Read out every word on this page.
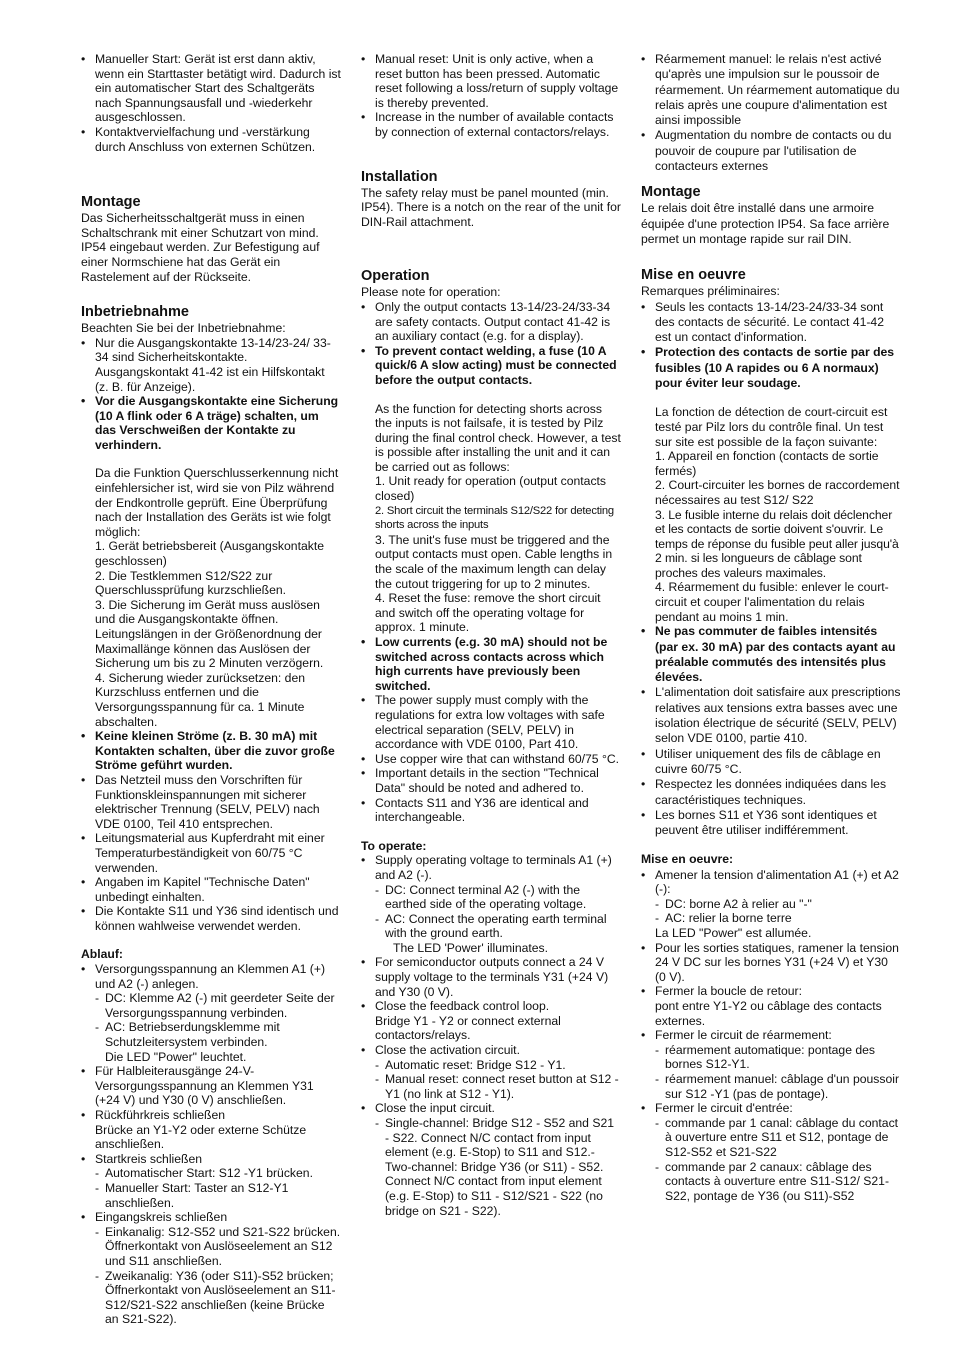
• Manueller Start: Gerät ist erst dann aktiv, wenn ein Starttaster betätigt wird. Dadurch ist ein automatischer Start des Schaltgeräts nach Spannungsausfall und -wiederkehr ausgeschlossen.
• Kontaktvervielfachung und -verstärkung durch Anschluss von externen Schützen.
Montage

Das Sicherheitsschaltgerät muss in einen Schaltschrank mit einer Schutzart von mind. IP54 eingebaut werden. Zur Befestigung auf einer Normschiene hat das Gerät ein Rastelement auf der Rückseite.

Inbetriebnahme

Beachten Sie bei der Inbetriebnahme:

• Nur die Ausgangskontakte 13-14/23-24/ 33-34 sind Sicherheitskontakte. Ausgangskontakt 41-42 ist ein Hilfskontakt (z. B. für Anzeige).
• Vor die Ausgangskontakte eine Sicherung (10 A flink oder 6 A träge) schalten, um das Verschweißen der Kontakte zu verhindern.

Da die Funktion Querschlusserkennung nicht einfehlersicher ist, wird sie von Pilz während der Endkontrolle geprüft. Eine Überprüfung nach der Installation des Geräts ist wie folgt möglich:

1. Gerät betriebsbereit (Ausgangskontakte geschlossen)

2. Die Testklemmen S12/S22 zur Querschlussprüfung kurzschließen.

3. Die Sicherung im Gerät muss auslösen und die Ausgangskontakte öffnen. Leitungslängen in der Größenordnung der Maximallänge können das Auslösen der Sicherung um bis zu 2 Minuten verzögern.

4. Sicherung wieder zurücksetzen: den Kurzschluss entfernen und die Versorgungsspannung für ca. 1 Minute abschalten.

• Keine kleinen Ströme (z. B. 30 mA) mit Kontakten schalten, über die zuvor große Ströme geführt wurden.
• Das Netzteil muss den Vorschriften für Funktionskleinspannungen mit sicherer elektrischer Trennung (SELV, PELV) nach VDE 0100, Teil 410 entsprechen.
• Leitungsmaterial aus Kupferdraht mit einer Temperaturbeständigkeit von 60/75 °C verwenden.
• Angaben im Kapitel "Technische Daten" unbedingt einhalten.
• Die Kontakte S11 und Y36 sind identisch und können wahlweise verwendet werden.
Ablauf:
• Versorgungsspannung an Klemmen A1 (+) und A2 (-) anlegen.
- DC: Klemme A2 (-) mit geerdeter Seite der Versorgungsspannung verbinden.
- AC: Betriebserdungsklemme mit Schutzleitersystem verbinden.
Die LED "Power" leuchtet.
• Für Halbleiterausgänge 24-V-Versorgungsspannung an Klemmen Y31 (+24 V) und Y30 (0 V) anschließen.
• Rückführkreis schließen
Brücke an Y1-Y2 oder externe Schütze anschließen.
• Startkreis schließen
- Automatischer Start: S12 -Y1 brücken.
- Manueller Start: Taster an S12-Y1 anschließen.
• Eingangskreis schließen
- Einkanalig: S12-S52 und S21-S22 brücken. Öffnerkontakt von Auslöseelement an S12 und S11 anschließen.
- Zweikanalig: Y36 (oder S11)-S52 brücken; Öffnerkontakt von Auslöseelement an S11-S12/S21-S22 anschließen (keine Brücke an S21-S22).
• Manual reset: Unit is only active, when a reset button has been pressed. Automatic reset following a loss/return of supply voltage is thereby prevented.
• Increase in the number of available contacts by connection of external contactors/relays.
Installation

The safety relay must be panel mounted (min. IP54). There is a notch on the rear of the unit for DIN-Rail attachment.

Operation

Please note for operation:

• Only the output contacts 13-14/23-24/33-34 are safety contacts. Output contact 41-42 is an auxiliary contact (e.g. for a display).
• To prevent contact welding, a fuse (10 A quick/6 A slow acting) must be connected before the output contacts.

As the function for detecting shorts across the inputs is not failsafe, it is tested by Pilz during the final control check. However, a test is possible after installing the unit and it can be carried out as follows:

1. Unit ready for operation (output contacts closed)

2. Short circuit the terminals S12/S22 for detecting shorts across the inputs

3. The unit's fuse must be triggered and the output contacts must open. Cable lengths in the scale of the maximum length can delay the cutout triggering for up to 2 minutes.

4. Reset the fuse: remove the short circuit and switch off the operating voltage for approx. 1 minute.

• Low currents (e.g. 30 mA) should not be switched across contacts across which high currents have previously been switched.
• The power supply must comply with the regulations for extra low voltages with safe electrical separation (SELV, PELV) in accordance with VDE 0100, Part 410.
• Use copper wire that can withstand 60/75 °C.
• Important details in the section "Technical Data" should be noted and adhered to.
• Contacts S11 and Y36 are identical and interchangeable.
To operate:
• Supply operating voltage to terminals A1 (+) and A2 (-).
- DC: Connect terminal A2 (-) with the earthed side of the operating voltage.
- AC: Connect the operating earth terminal with the ground earth.
The LED 'Power' illuminates.
• For semiconductor outputs connect a 24 V supply voltage to the terminals Y31 (+24 V) and Y30 (0 V).
• Close the feedback control loop.
Bridge Y1 - Y2 or connect external contactors/relays.
• Close the activation circuit.
- Automatic reset: Bridge S12 - Y1.
- Manual reset: connect reset button at S12 - Y1 (no link at S12 - Y1).
• Close the input circuit.
- Single-channel: Bridge S12 - S52 and S21 - S22. Connect N/C contact from input element (e.g. E-Stop) to S11 and S12.-Two-channel: Bridge Y36 (or S11) - S52. Connect N/C contact from input element (e.g. E-Stop) to S11 - S12/S21 - S22 (no bridge on S21 - S22).
• Réarmement manuel: le relais n'est activé qu'après une impulsion sur le poussoir de réarmement. Un réarmement automatique du relais après une coupure d'alimentation est ainsi impossible
• Augmentation du nombre de contacts ou du pouvoir de coupure par l'utilisation de contacteurs externes
Montage

Le relais doit être installé dans une armoire équipée d'une protection IP54. Sa face arrière permet un montage rapide sur rail DIN.

Mise en oeuvre

Remarques préliminaires:

• Seuls les contacts 13-14/23-24/33-34 sont des contacts de sécurité. Le contact 41-42 est un contact d'information.
• Protection des contacts de sortie par des fusibles (10 A rapides ou 6 A normaux) pour éviter leur soudage.

La fonction de détection de court-circuit est testé par Pilz lors du contrôle final. Un test sur site est possible de la façon suivante:

1. Appareil en fonction (contacts de sortie fermés)

2. Court-circuiter les bornes de raccordement nécessaires au test S12/ S22

3. Le fusible interne du relais doit déclencher et les contacts de sortie doivent s'ouvrir. Le temps de réponse du fusible peut aller jusqu'à 2 min. si les longueurs de câblage sont proches des valeurs maximales.

4. Réarmement du fusible: enlever le court-circuit et couper l'alimentation du relais pendant au moins 1 min.

• Ne pas commuter de faibles intensités (par ex. 30 mA) par des contacts ayant au préalable commutés des intensités plus élevées.
• L'alimentation doit satisfaire aux prescriptions relatives aux tensions extra basses avec une isolation électrique de sécurité (SELV, PELV) selon VDE 0100, partie 410.
• Utiliser uniquement des fils de câblage en cuivre 60/75 °C.
• Respectez les données indiquées dans les caractéristiques techniques.
• Les bornes S11 et Y36 sont identiques et peuvent être utiliser indifféremment.
Mise en oeuvre:
• Amener la tension d'alimentation A1 (+) et A2 (-):
- DC: borne A2 à relier au "-"
- AC: relier la borne terre
La LED "Power" est allumée.
• Pour les sorties statiques, ramener la tension 24 V DC sur les bornes Y31 (+24 V) et Y30 (0 V).
• Fermer la boucle de retour:
pont entre Y1-Y2 ou câblage des contacts externes.
• Fermer le circuit de réarmement:
- réarmement automatique: pontage des bornes S12-Y1.
- réarmement manuel: câblage d'un poussoir sur S12 -Y1 (pas de pontage).
• Fermer le circuit d'entrée:
- commande par 1 canal: câblage du contact à ouverture entre S11 et S12, pontage de S12-S52 et S21-S22
- commande par 2 canaux: câblage des contacts à ouverture entre S11-S12/ S21-S22, pontage de Y36 (ou S11)-S52
